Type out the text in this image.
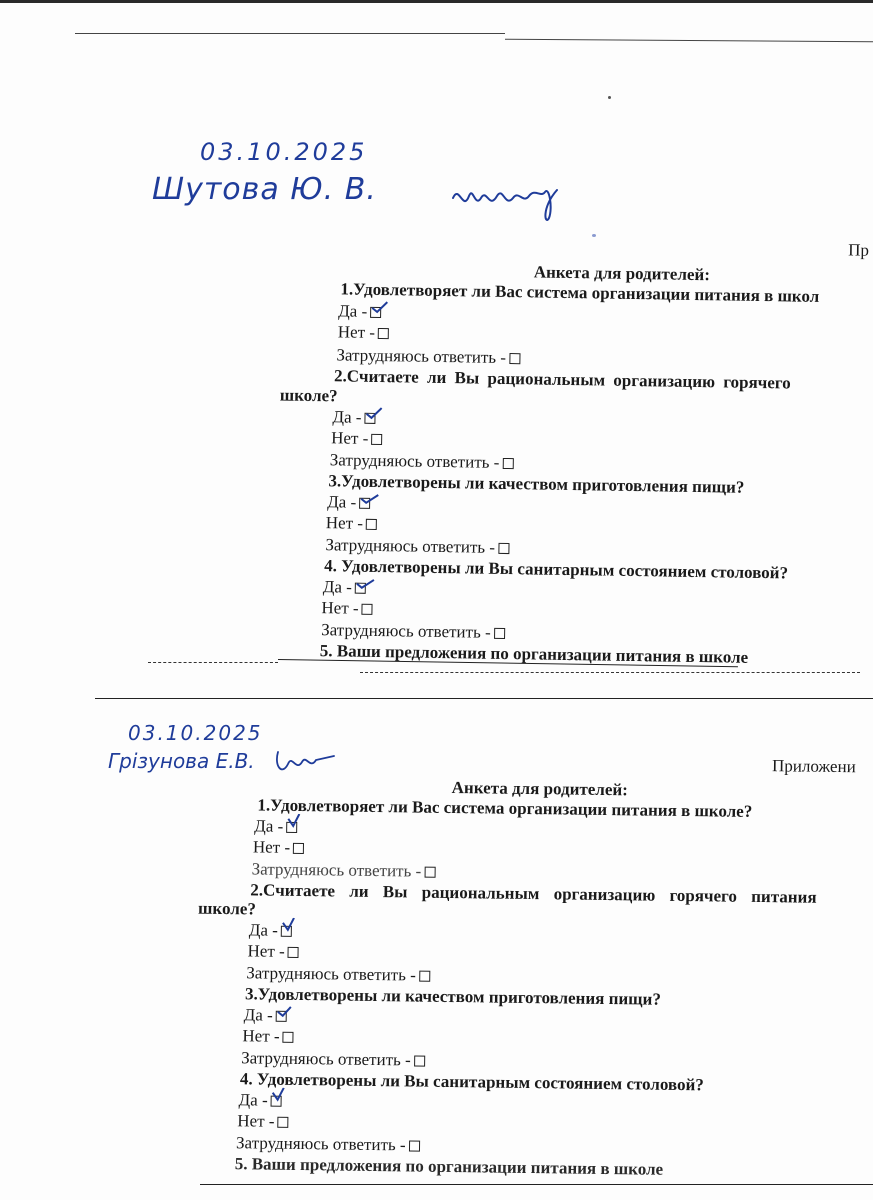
03.10.2025
Шутова Ю. В.
Пр
Анкета для родителей:
1.Удовлетворяет ли Вас система организации питания в школ
Да -
Нет -
Затрудняюсь ответить -
2.Считаете ли Вы рациональным организацию горячего
школе?
Да -
Нет -
Затрудняюсь ответить -
3.Удовлетворены ли качеством приготовления пищи?
Да -
Нет -
Затрудняюсь ответить -
4. Удовлетворены ли Вы санитарным состоянием столовой?
Да -
Нет -
Затрудняюсь ответить -
5. Ваши предложения по организации питания в школе
03.10.2025
Грізунова Е.В.	Приложени
Анкета для родителей:
1.Удовлетворяет ли Вас система организации питания в школе?
Да -
Нет -
Затрудняюсь ответить -
2.Считаете ли Вы рациональным организацию горячего питания
школе?
Да -
Нет -
Затрудняюсь ответить -
3.Удовлетворены ли качеством приготовления пищи?
Да -
Нет -
Затрудняюсь ответить -
4. Удовлетворены ли Вы санитарным состоянием столовой?
Да -
Нет -
Затрудняюсь ответить -
5. Ваши предложения по организации питания в школе
